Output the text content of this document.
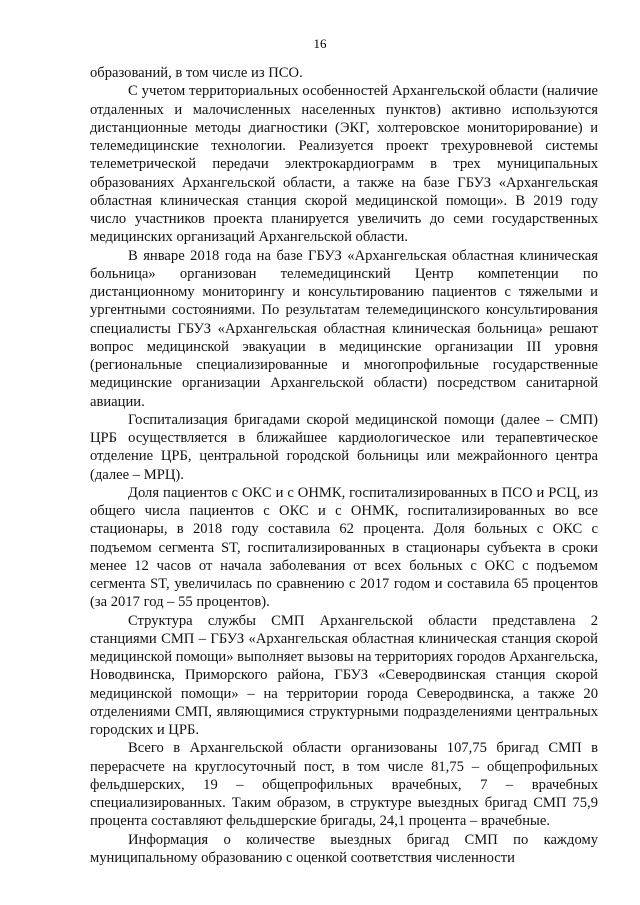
16

образований, в том числе из ПСО.

С учетом территориальных особенностей Архангельской области (наличие отдаленных и малочисленных населенных пунктов) активно используются дистанционные методы диагностики (ЭКГ, холтеровское мониторирование) и телемедицинские технологии. Реализуется проект трехуровневой системы телеметрической передачи электрокардиограмм в трех муниципальных образованиях Архангельской области, а также на базе ГБУЗ «Архангельская областная клиническая станция скорой медицинской помощи». В 2019 году число участников проекта планируется увеличить до семи государственных медицинских организаций Архангельской области.

В январе 2018 года на базе ГБУЗ «Архангельская областная клиническая больница» организован телемедицинский Центр компетенции по дистанционному мониторингу и консультированию пациентов с тяжелыми и ургентными состояниями. По результатам телемедицинского консультирования специалисты ГБУЗ «Архангельская областная клиническая больница» решают вопрос медицинской эвакуации в медицинские организации III уровня (региональные специализированные и многопрофильные государственные медицинские организации Архангельской области) посредством санитарной авиации.

Госпитализация бригадами скорой медицинской помощи (далее – СМП) ЦРБ осуществляется в ближайшее кардиологическое или терапевтическое отделение ЦРБ, центральной городской больницы или межрайонного центра (далее – МРЦ).

Доля пациентов с ОКС и с ОНМК, госпитализированных в ПСО и РСЦ, из общего числа пациентов с ОКС и с ОНМК, госпитализированных во все стационары, в 2018 году составила 62 процента. Доля больных с ОКС с подъемом сегмента ST, госпитализированных в стационары субъекта в сроки менее 12 часов от начала заболевания от всех больных с ОКС с подъемом сегмента ST, увеличилась по сравнению с 2017 годом и составила 65 процентов (за 2017 год – 55 процентов).

Структура службы СМП Архангельской области представлена 2 станциями СМП – ГБУЗ «Архангельская областная клиническая станция скорой медицинской помощи» выполняет вызовы на территориях городов Архангельска, Новодвинска, Приморского района, ГБУЗ «Северодвинская станция скорой медицинской помощи» – на территории города Северодвинска, а также 20 отделениями СМП, являющимися структурными подразделениями центральных городских и ЦРБ.

Всего в Архангельской области организованы 107,75 бригад СМП в перерасчете на круглосуточный пост, в том числе 81,75 – общепрофильных фельдшерских, 19 – общепрофильных врачебных, 7 – врачебных специализированных. Таким образом, в структуре выездных бригад СМП 75,9 процента составляют фельдшерские бригады, 24,1 процента – врачебные.

Информация о количестве выездных бригад СМП по каждому муниципальному образованию с оценкой соответствия численности
